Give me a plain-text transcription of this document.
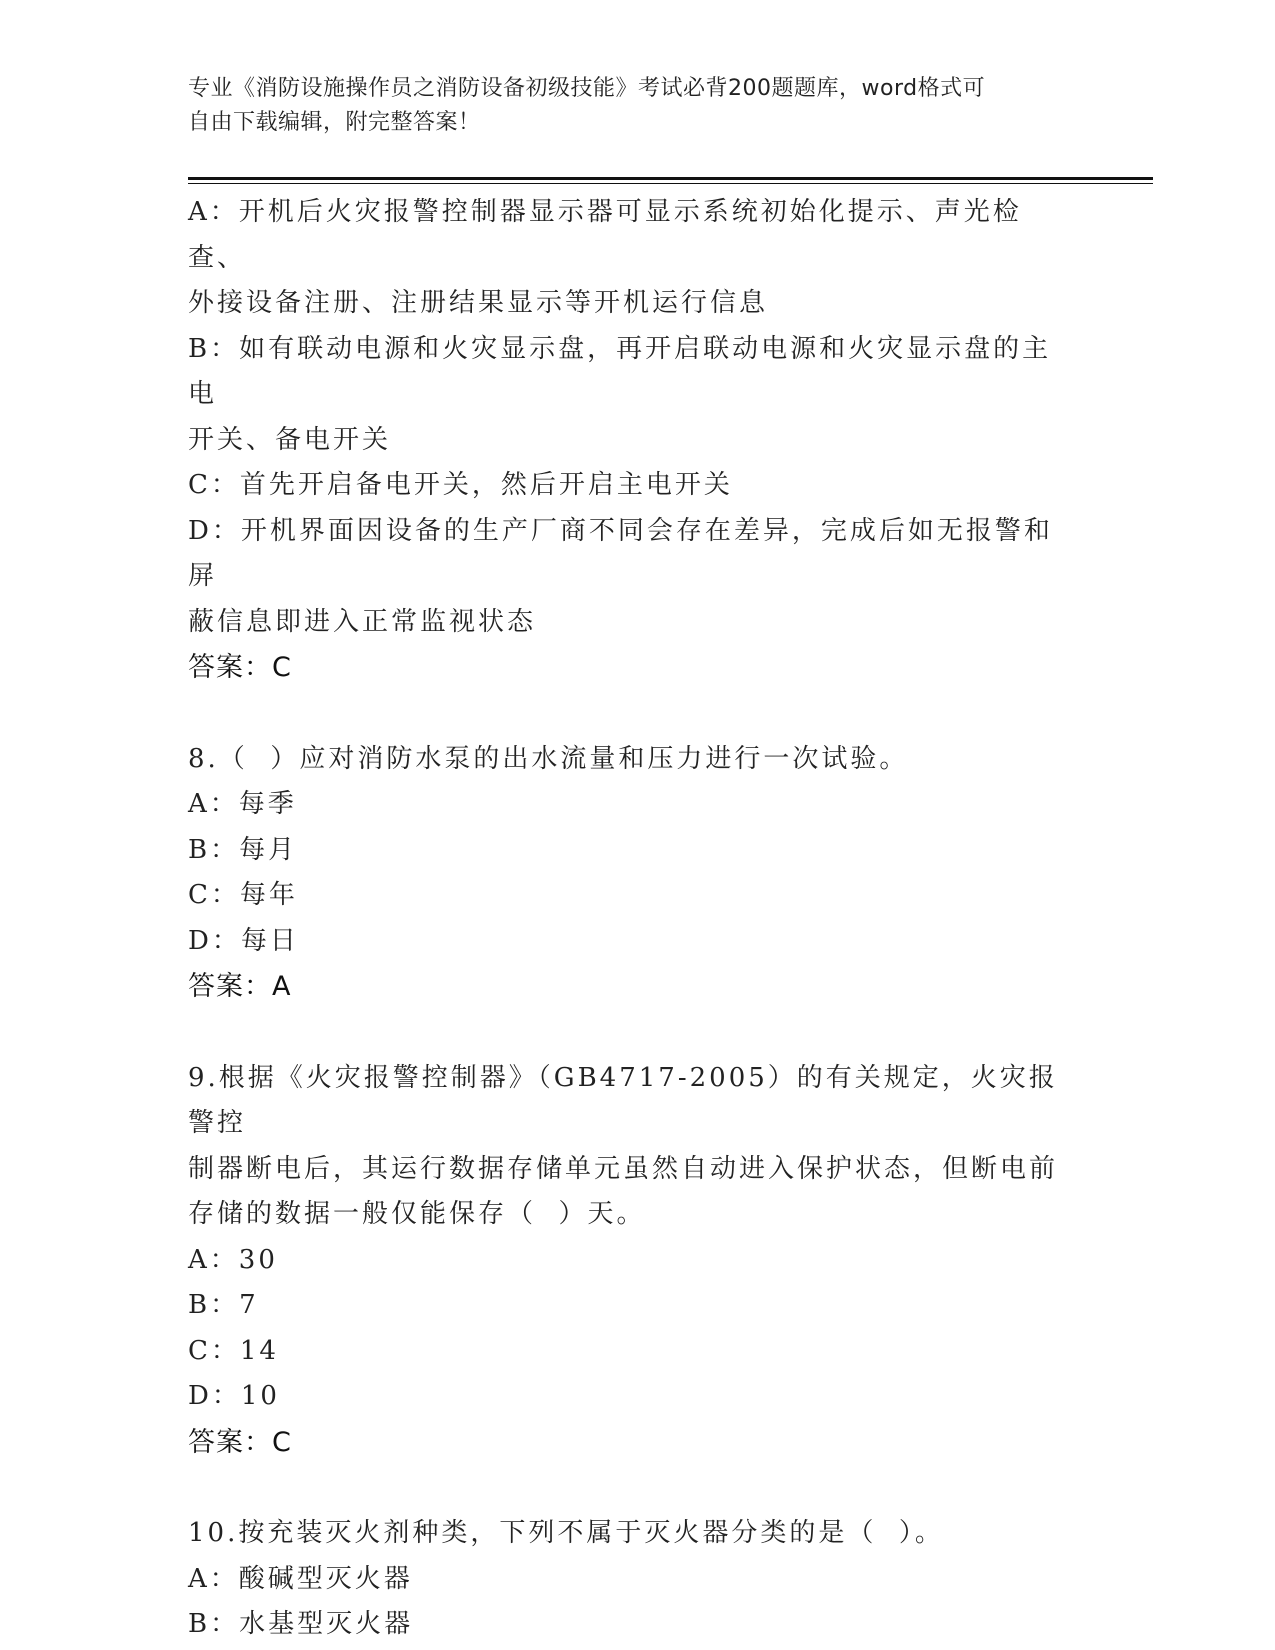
专业《消防设施操作员之消防设备初级技能》考试必背200题题库，word格式可
自由下载编辑，附完整答案！
A：开机后火灾报警控制器显示器可显示系统初始化提示、声光检查、
外接设备注册、注册结果显示等开机运行信息
B：如有联动电源和火灾显示盘，再开启联动电源和火灾显示盘的主电
开关、备电开关
C：首先开启备电开关，然后开启主电开关
D：开机界面因设备的生产厂商不同会存在差异，完成后如无报警和屏
蔽信息即进入正常监视状态
答案：C
8.（  ）应对消防水泵的出水流量和压力进行一次试验。
A：每季
B：每月
C：每年
D：每日
答案：A
9.根据《火灾报警控制器》（GB4717-2005）的有关规定，火灾报警控
制器断电后，其运行数据存储单元虽然自动进入保护状态，但断电前
存储的数据一般仅能保存（  ）天。
A：30
B：7
C：14
D：10
答案：C
10.按充装灭火剂种类，下列不属于灭火器分类的是（  ）。
A：酸碱型灭火器
B：水基型灭火器
